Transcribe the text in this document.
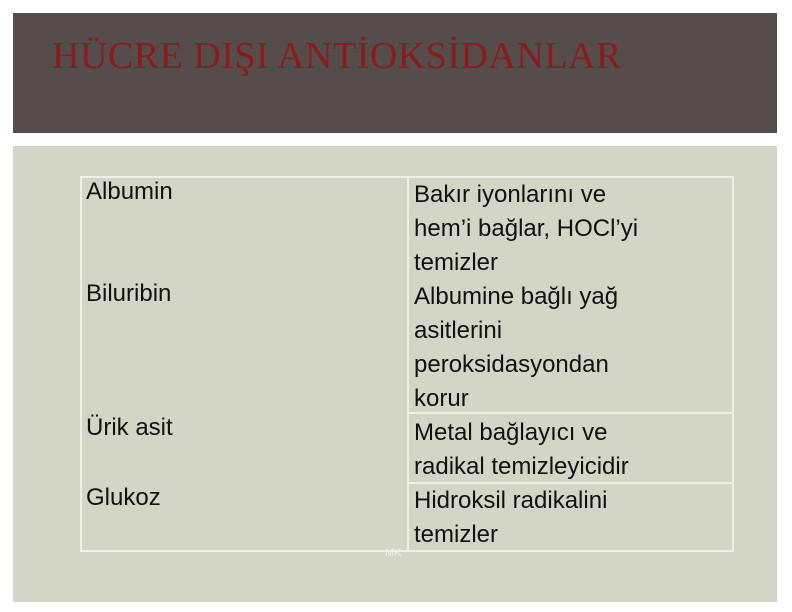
HÜCRE DIŞI ANTİOKSİDANLAR
Albumin
Biluribin
Ürik asit
Glukoz
Bakır iyonlarını ve
hem’i bağlar, HOCl’yi
temizler
Albumine bağlı yağ
asitlerini
peroksidasyondan
korur
Metal bağlayıcı ve
radikal temizleyicidir
Hidroksil radikalini
temizler
MK
